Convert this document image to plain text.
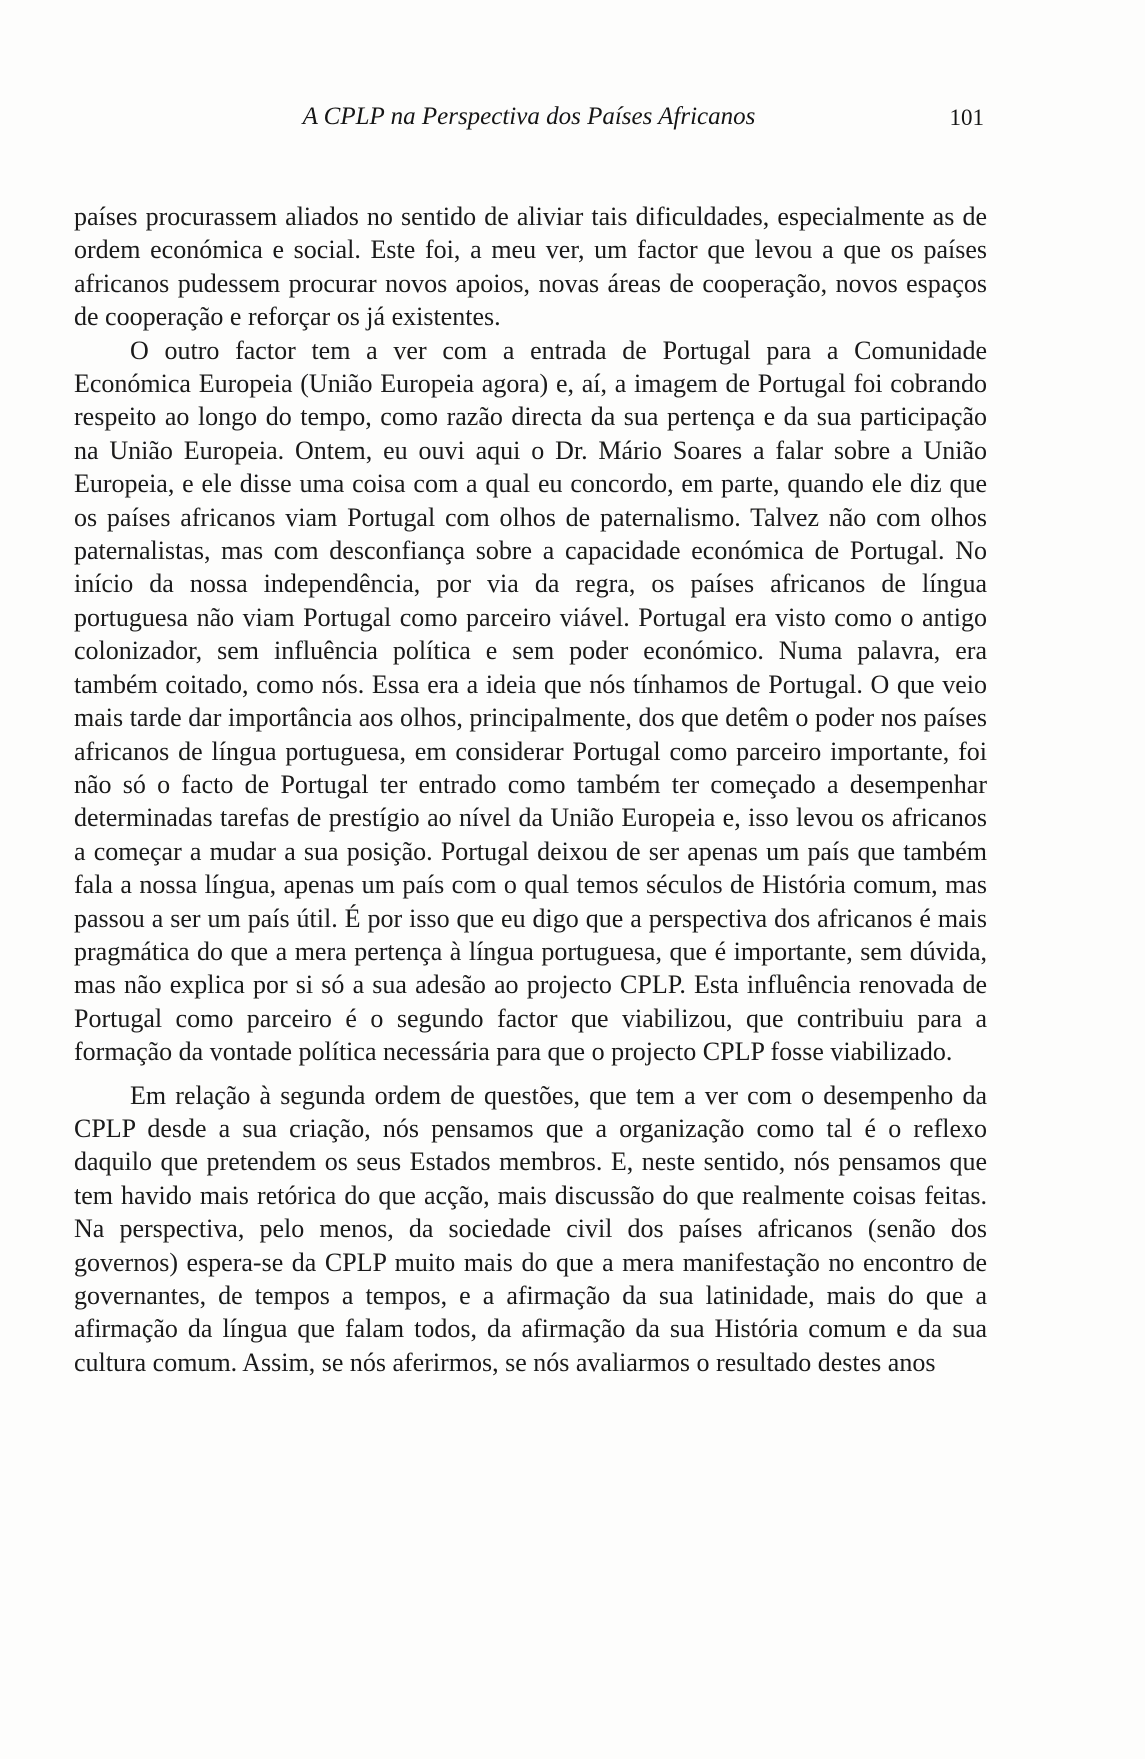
A CPLP na Perspectiva dos Países Africanos	101

países procurassem aliados no sentido de aliviar tais dificuldades, especialmente as de ordem económica e social. Este foi, a meu ver, um factor que levou a que os países africanos pudessem procurar novos apoios, novas áreas de cooperação, novos espaços de cooperação e reforçar os já existentes.

O outro factor tem a ver com a entrada de Portugal para a Comunidade Económica Europeia (União Europeia agora) e, aí, a imagem de Portugal foi cobrando respeito ao longo do tempo, como razão directa da sua pertença e da sua participação na União Europeia. Ontem, eu ouvi aqui o Dr. Mário Soares a falar sobre a União Europeia, e ele disse uma coisa com a qual eu concordo, em parte, quando ele diz que os países africanos viam Portugal com olhos de paternalismo. Talvez não com olhos paternalistas, mas com desconfiança sobre a capacidade económica de Portugal. No início da nossa independência, por via da regra, os países africanos de língua portuguesa não viam Portugal como parceiro viável. Portugal era visto como o antigo colonizador, sem influência política e sem poder económico. Numa palavra, era também coitado, como nós. Essa era a ideia que nós tínhamos de Portugal. O que veio mais tarde dar importância aos olhos, principalmente, dos que detêm o poder nos países africanos de língua portuguesa, em considerar Portugal como parceiro importante, foi não só o facto de Portugal ter entrado como também ter começado a desempenhar determinadas tarefas de prestígio ao nível da União Europeia e, isso levou os africanos a começar a mudar a sua posição. Portugal deixou de ser apenas um país que também fala a nossa língua, apenas um país com o qual temos séculos de História comum, mas passou a ser um país útil. É por isso que eu digo que a perspectiva dos africanos é mais pragmática do que a mera pertença à língua portuguesa, que é importante, sem dúvida, mas não explica por si só a sua adesão ao projecto CPLP. Esta influência renovada de Portugal como parceiro é o segundo factor que viabilizou, que contribuiu para a formação da vontade política necessária para que o projecto CPLP fosse viabilizado.

Em relação à segunda ordem de questões, que tem a ver com o desempenho da CPLP desde a sua criação, nós pensamos que a organização como tal é o reflexo daquilo que pretendem os seus Estados membros. E, neste sentido, nós pensamos que tem havido mais retórica do que acção, mais discussão do que realmente coisas feitas. Na perspectiva, pelo menos, da sociedade civil dos países africanos (senão dos governos) espera-se da CPLP muito mais do que a mera manifestação no encontro de governantes, de tempos a tempos, e a afirmação da sua latinidade, mais do que a afirmação da língua que falam todos, da afirmação da sua História comum e da sua cultura comum. Assim, se nós aferirmos, se nós avaliarmos o resultado destes anos
